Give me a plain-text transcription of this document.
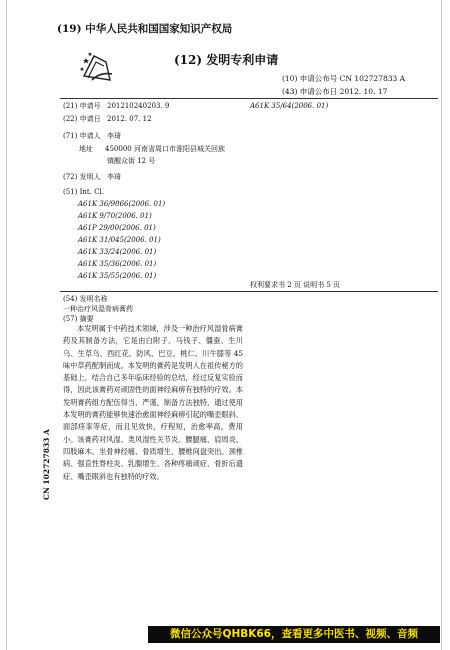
(19) 中华人民共和国国家知识产权局
(12) 发明专利申请
(10) 申请公布号 CN 102727833 A
(43) 申请公布日 2012. 10. 17
(21) 申请号 201210240203. 9	A61K 35/64(2006. 01)
(22) 申请日 2012. 07. 12
(71) 申请人 李琦
地址 450000 河南省周口市淮阳县城关回族
镇醒众街 12 号
(72) 发明人 李琦
(51) Int. Cl.
A61K 36/9066(2006. 01)
A61K 9/70(2006. 01)
A61P 29/00(2006. 01)
A61K 31/045(2006. 01)
A61K 33/24(2006. 01)
A61K 35/36(2006. 01)
A61K 35/55(2006. 01)
权利要求书 2 页 说明书 5 页
(54) 发明名称
一种治疗风湿骨病膏药
(57) 摘要

本发明属于中药技术领域，涉及一种治疗风湿骨病膏药及其制备方法，它是由白附子、马钱子、僵蚕、生川乌、生草乌、西红花、防风、巴豆、桃仁、川牛膝等 45 味中草药配制而成。本发明的膏药是发明人在祖传秘方的基础上，结合自己多年临床经验的总结，经过反复实验而得，因此该膏药对顽固性的面神经麻痹有独特的疗效。本发明膏药组方配伍得当、严谨，制备方法独特，通过使用本发明的膏药能够快速治愈面神经麻痹引起的嘴歪眼斜、面部痉挛等症，而且见效快，疗程短，治愈率高，费用小。该膏药对风湿、类风湿性关节炎、腰腿痛、肩周炎、四肢麻木、坐骨神经痛、骨质增生、腰椎间盘突出、颈椎病、强直性脊柱炎、乳腺增生、各种疼痛顽症、骨折后遗症、嘴歪眼斜也有独特的疗效。

CN 102727833 A
微信公众号QHBK66，查看更多中医书、视频、音频
